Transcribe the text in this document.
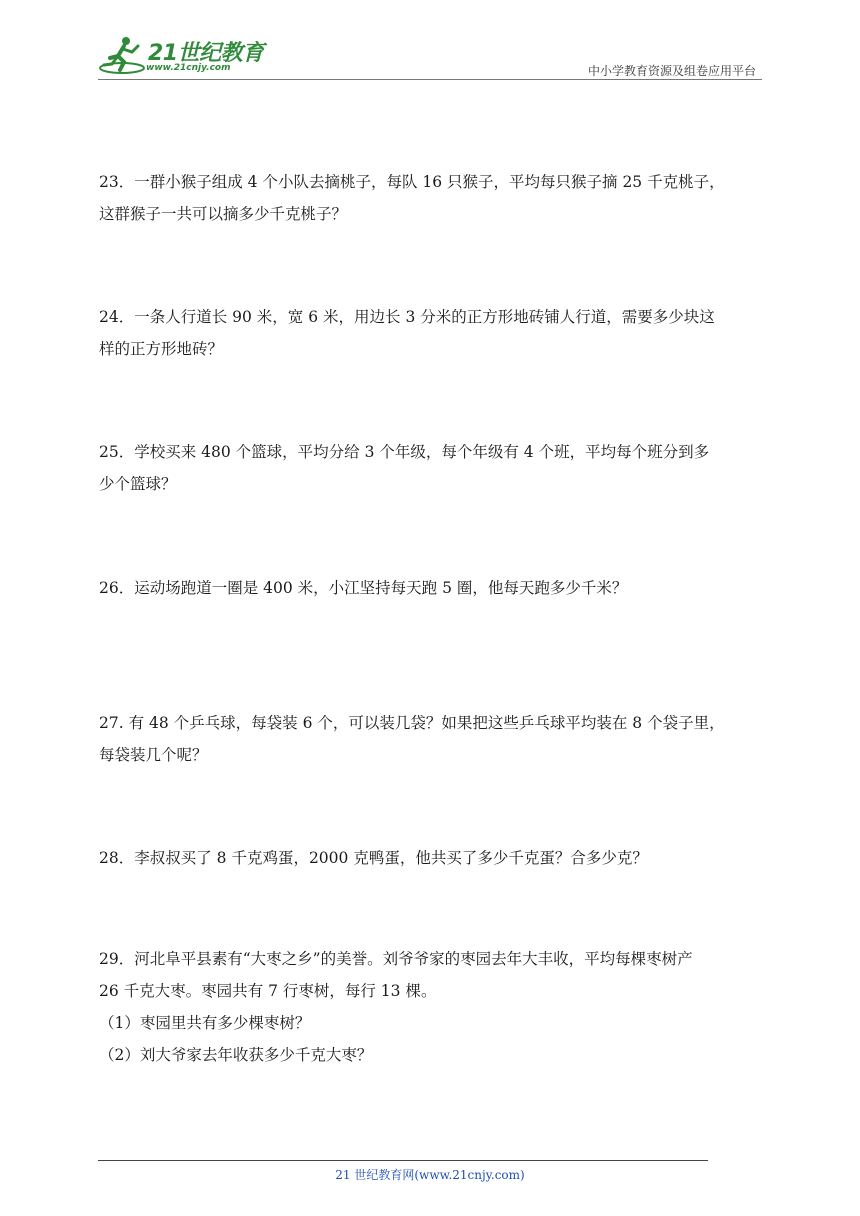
21世纪教育
www.21cnjy.com	中小学教育资源及组卷应用平台

23．一群小猴子组成 4 个小队去摘桃子，每队 16 只猴子，平均每只猴子摘 25 千克桃子，

这群猴子一共可以摘多少千克桃子？

24．一条人行道长 90 米，宽 6 米，用边长 3 分米的正方形地砖铺人行道，需要多少块这

样的正方形地砖？

25．学校买来 480 个篮球，平均分给 3 个年级，每个年级有 4 个班，平均每个班分到多

少个篮球？

26．运动场跑道一圈是 400 米，小江坚持每天跑 5 圈，他每天跑多少千米？

27. 有 48 个乒乓球，每袋装 6 个，可以装几袋？如果把这些乒乓球平均装在 8 个袋子里，

每袋装几个呢？

28．李叔叔买了 8 千克鸡蛋，2000 克鸭蛋，他共买了多少千克蛋？合多少克？

29．河北阜平县素有“大枣之乡”的美誉。刘爷爷家的枣园去年大丰收，平均每棵枣树产

26 千克大枣。枣园共有 7 行枣树，每行 13 棵。

（1）枣园里共有多少棵枣树？

（2）刘大爷家去年收获多少千克大枣？

21 世纪教育网(www.21cnjy.com)
